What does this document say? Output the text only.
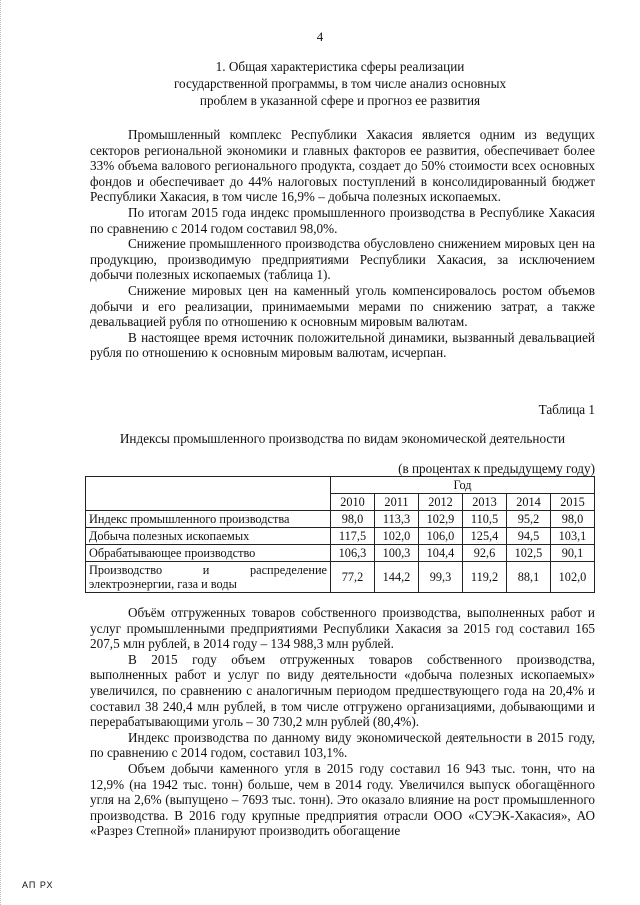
4
1. Общая характеристика сферы реализации
государственной программы, в том числе анализ основных
проблем в указанной сфере и прогноз ее развития

Промышленный комплекс Республики Хакасия является одним из ведущих секторов региональной экономики и главных факторов ее развития, обеспечивает более 33% объема валового регионального продукта, создает до 50% стоимости всех основных фондов и обеспечивает до 44% налоговых поступлений в консолидированный бюджет Республики Хакасия, в том числе 16,9% – добыча полезных ископаемых.

По итогам 2015 года индекс промышленного производства в Республике Хакасия по сравнению с 2014 годом составил 98,0%.

Снижение промышленного производства обусловлено снижением мировых цен на продукцию, производимую предприятиями Республики Хакасия, за исключением добычи полезных ископаемых (таблица 1).

Снижение мировых цен на каменный уголь компенсировалось ростом объемов добычи и его реализации, принимаемыми мерами по снижению затрат, а также девальвацией рубля по отношению к основным мировым валютам.

В настоящее время источник положительной динамики, вызванный девальвацией рубля по отношению к основным мировым валютам, исчерпан.

Таблица 1
Индексы промышленного производства по видам экономической деятельности
(в процентах к предыдущему году)
	Год					
	2010	2011	2012	2013	2014	2015
Индекс промышленного производства	98,0	113,3	102,9	110,5	95,2	98,0
Добыча полезных ископаемых	117,5	102,0	106,0	125,4	94,5	103,1
Обрабатывающее производство	106,3	100,3	104,4	92,6	102,5	90,1
Производство и распределение электроэнергии, газа и воды	77,2	144,2	99,3	119,2	88,1	102,0

Объём отгруженных товаров собственного производства, выполненных работ и услуг промышленными предприятиями Республики Хакасия за 2015 год составил 165 207,5 млн рублей, в 2014 году – 134 988,3 млн рублей.

В 2015 году объем отгруженных товаров собственного производства, выполненных работ и услуг по виду деятельности «добыча полезных ископаемых» увеличился, по сравнению с аналогичным периодом предшествующего года на 20,4% и составил 38 240,4 млн рублей, в том числе отгружено организациями, добывающими и перерабатывающими уголь – 30 730,2 млн рублей (80,4%).

Индекс производства по данному виду экономической деятельности в 2015 году, по сравнению с 2014 годом, составил 103,1%.

Объем добычи каменного угля в 2015 году составил 16 943 тыс. тонн, что на 12,9% (на 1942 тыс. тонн) больше, чем в 2014 году. Увеличился выпуск обогащённого угля на 2,6% (выпущено – 7693 тыс. тонн). Это оказало влияние на рост промышленного производства. В 2016 году крупные предприятия отрасли ООО «СУЭК-Хакасия», АО «Разрез Степной» планируют производить обогащение

АП РХ
